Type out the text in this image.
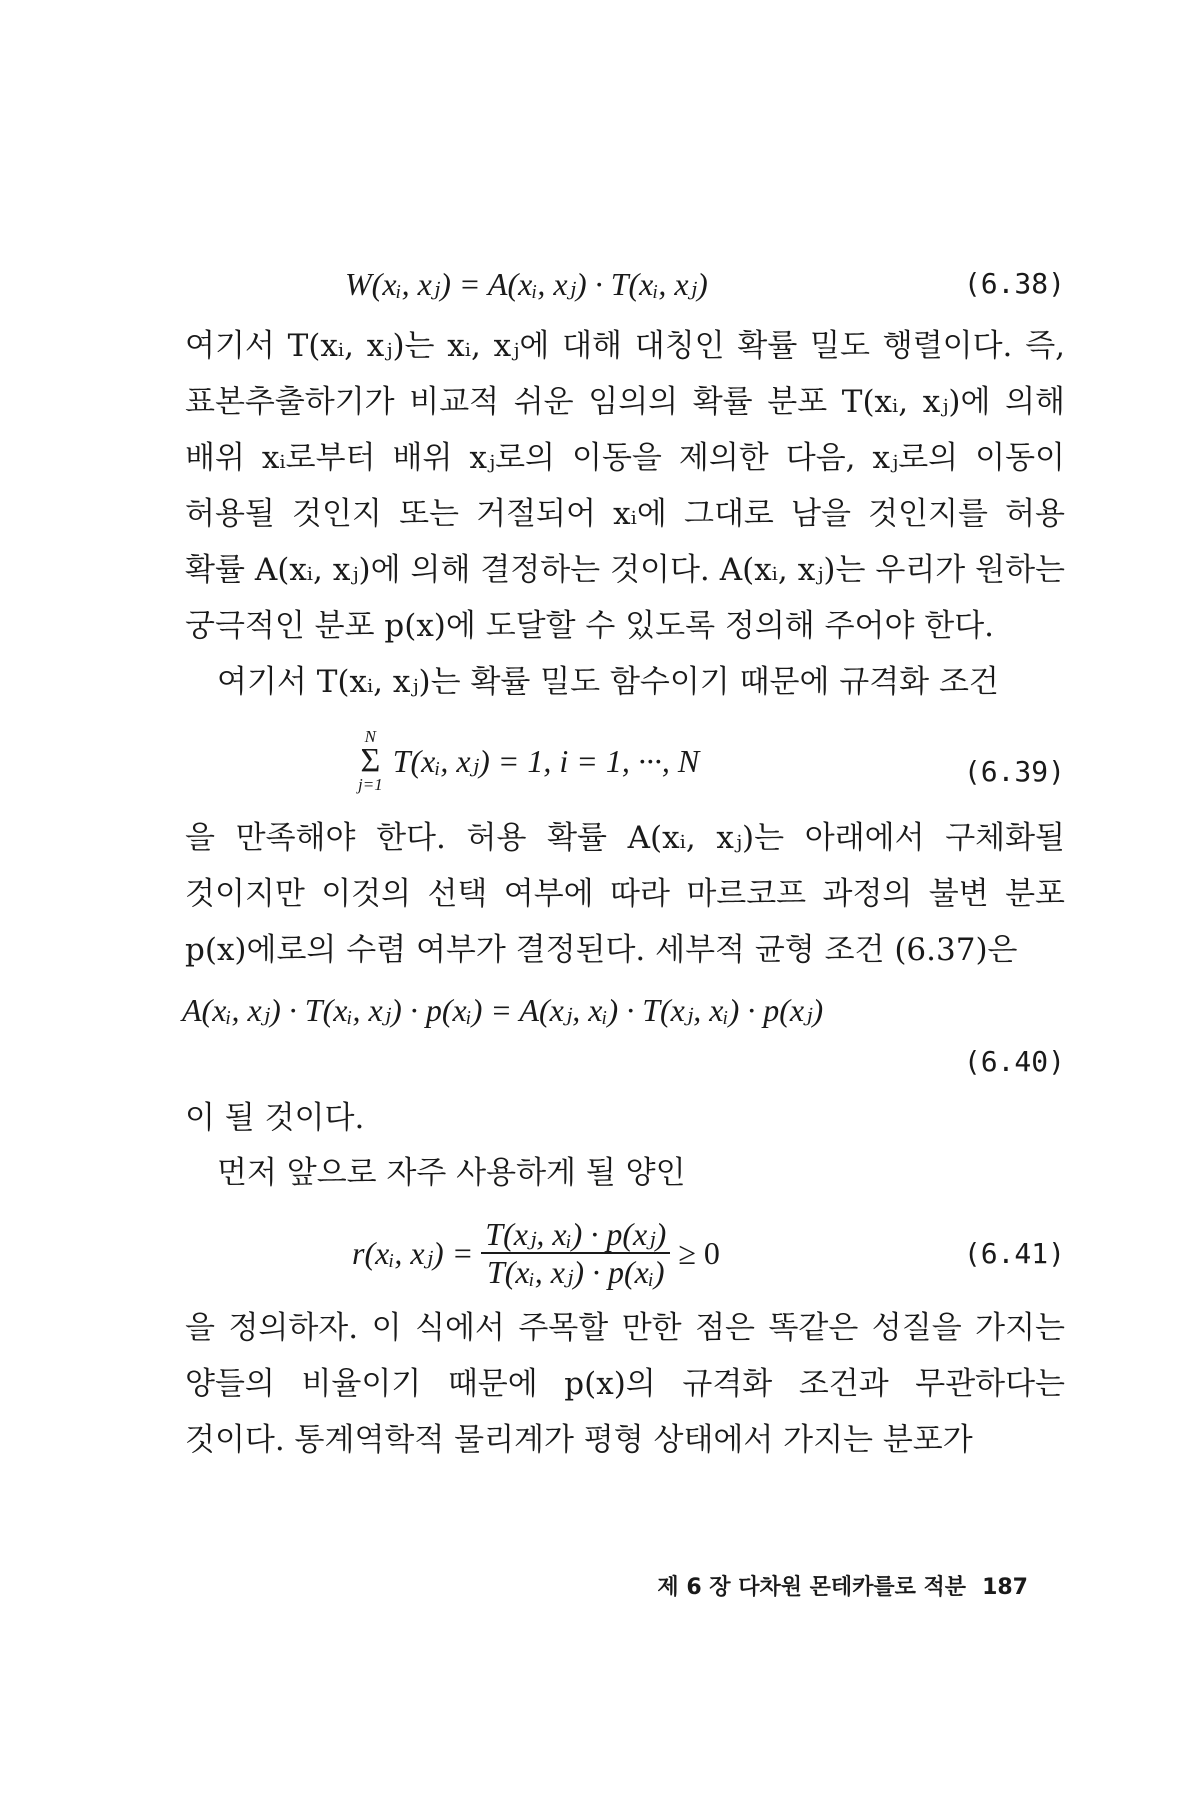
W(xᵢ, xⱼ) = A(xᵢ, xⱼ) · T(xᵢ, xⱼ)	(6.38)
여기서 T(xᵢ, xⱼ)는 xᵢ, xⱼ에 대해 대칭인 확률 밀도 행렬이다. 즉, 표본추출하기가 비교적 쉬운 임의의 확률 분포 T(xᵢ, xⱼ)에 의해 배위 xᵢ로부터 배위 xⱼ로의 이동을 제의한 다음, xⱼ로의 이동이 허용될 것인지 또는 거절되어 xᵢ에 그대로 남을 것인지를 허용 확률 A(xᵢ, xⱼ)에 의해 결정하는 것이다. A(xᵢ, xⱼ)는 우리가 원하는 궁극적인 분포 p(x)에 도달할 수 있도록 정의해 주어야 한다.
여기서 T(xᵢ, xⱼ)는 확률 밀도 함수이기 때문에 규격화 조건
N
Σ
j=1
T(xᵢ, xⱼ) = 1, i = 1, ···, N	(6.39)
을 만족해야 한다. 허용 확률 A(xᵢ, xⱼ)는 아래에서 구체화될 것이지만 이것의 선택 여부에 따라 마르코프 과정의 불변 분포 p(x)에로의 수렴 여부가 결정된다. 세부적 균형 조건 (6.37)은
A(xᵢ, xⱼ) · T(xᵢ, xⱼ) · p(xᵢ) = A(xⱼ, xᵢ) · T(xⱼ, xᵢ) · p(xⱼ)
(6.40)
이 될 것이다.
먼저 앞으로 자주 사용하게 될 양인
r(xᵢ, xⱼ) = $\frac{\text{T(xⱼ, xᵢ) · p(xⱼ)}}{\text{T(xᵢ, xⱼ) · p(xᵢ)}} \ge 0$	(6.41)
을 정의하자. 이 식에서 주목할 만한 점은 똑같은 성질을 가지는 양들의 비율이기 때문에 p(x)의 규격화 조건과 무관하다는 것이다. 통계역학적 물리계가 평형 상태에서 가지는 분포가
제 6 장 다차원 몬테카를로 적분 187
